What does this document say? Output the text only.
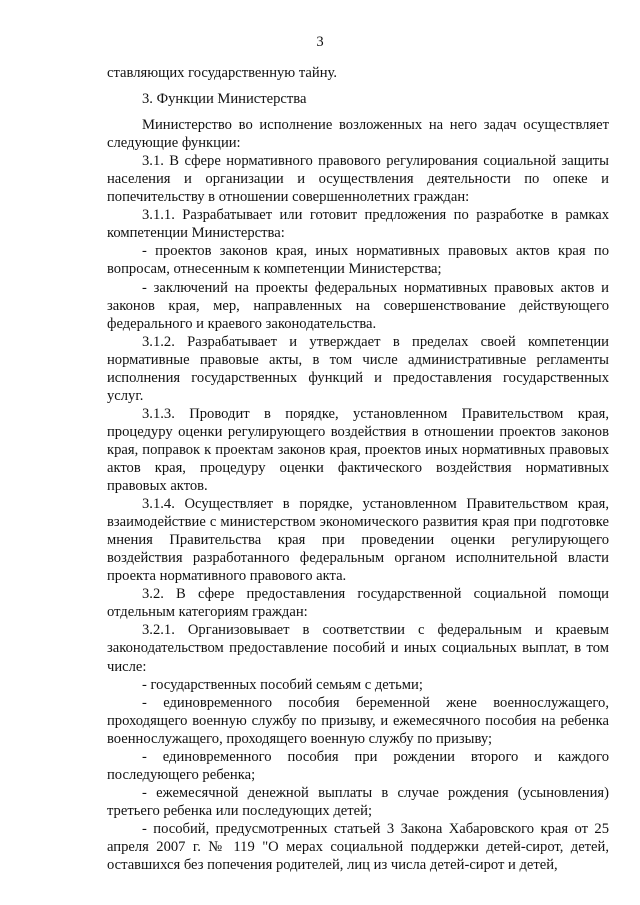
3

ставляющих государственную тайну.

3. Функции Министерства

Министерство во исполнение возложенных на него задач осуществляет следующие функции:

3.1. В сфере нормативного правового регулирования социальной защиты населения и организации и осуществления деятельности по опеке и попечительству в отношении совершеннолетних граждан:

3.1.1. Разрабатывает или готовит предложения по разработке в рамках компетенции Министерства:

- проектов законов края, иных нормативных правовых актов края по вопросам, отнесенным к компетенции Министерства;

- заключений на проекты федеральных нормативных правовых актов и законов края, мер, направленных на совершенствование действующего федерального и краевого законодательства.

3.1.2. Разрабатывает и утверждает в пределах своей компетенции нормативные правовые акты, в том числе административные регламенты исполнения государственных функций и предоставления государственных услуг.

3.1.3. Проводит в порядке, установленном Правительством края, процедуру оценки регулирующего воздействия в отношении проектов законов края, поправок к проектам законов края, проектов иных нормативных правовых актов края, процедуру оценки фактического воздействия нормативных правовых актов.

3.1.4. Осуществляет в порядке, установленном Правительством края, взаимодействие с министерством экономического развития края при подготовке мнения Правительства края при проведении оценки регулирующего воздействия разработанного федеральным органом исполнительной власти проекта нормативного правового акта.

3.2. В сфере предоставления государственной социальной помощи отдельным категориям граждан:

3.2.1. Организовывает в соответствии с федеральным и краевым законодательством предоставление пособий и иных социальных выплат, в том числе:

- государственных пособий семьям с детьми;

- единовременного пособия беременной жене военнослужащего, проходящего военную службу по призыву, и ежемесячного пособия на ребенка военнослужащего, проходящего военную службу по призыву;

- единовременного пособия при рождении второго и каждого последующего ребенка;

- ежемесячной денежной выплаты в случае рождения (усыновления) третьего ребенка или последующих детей;

- пособий, предусмотренных статьей 3 Закона Хабаровского края от 25 апреля 2007 г. № 119 "О мерах социальной поддержки детей-сирот, детей, оставшихся без попечения родителей, лиц из числа детей-сирот и детей,
